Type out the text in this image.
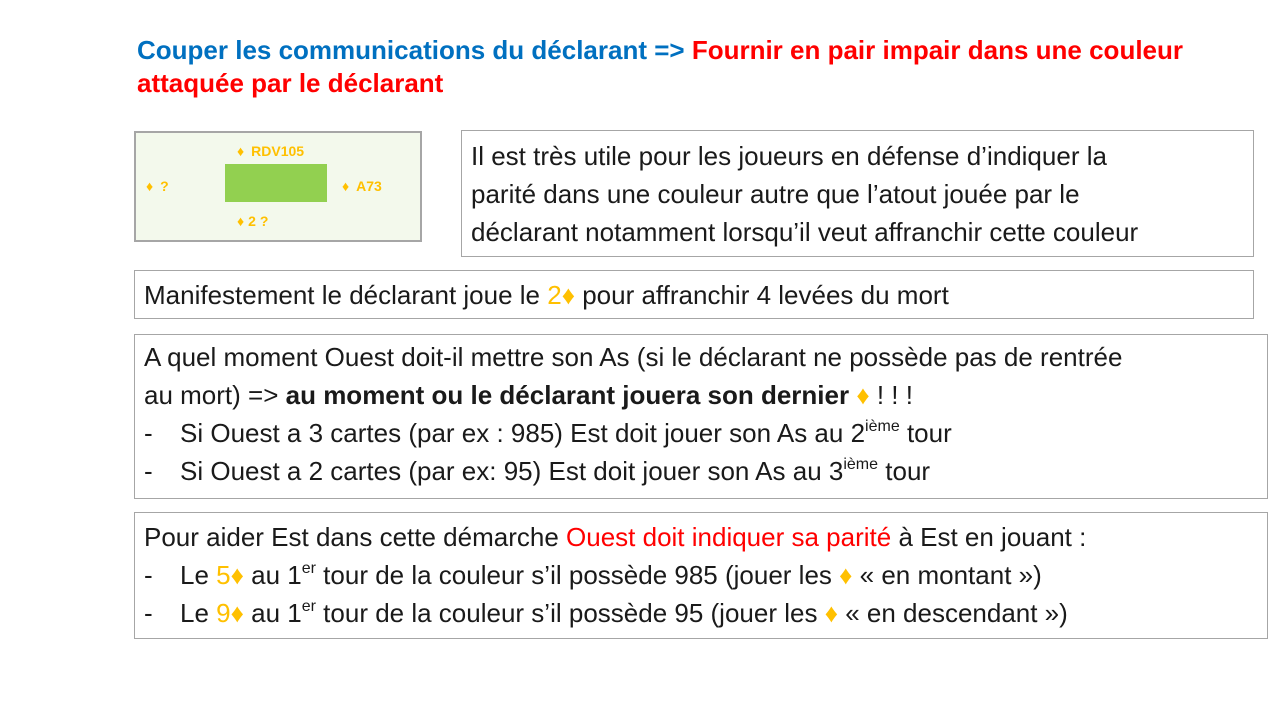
Couper les communications du déclarant => Fournir en pair impair dans une couleur attaquée par le déclarant
♦ RDV105
♦ ?	♦ A73
♦ 2 ?
Il est très utile pour les joueurs en défense d’indiquer la
parité dans une couleur autre que l’atout jouée par le
déclarant notamment lorsqu’il veut affranchir cette couleur
Manifestement le déclarant joue le 2♦ pour affranchir 4 levées du mort
A quel moment Ouest doit-il mettre son As (si le déclarant ne possède pas de rentrée
au mort) => au moment ou le déclarant jouera son dernier ♦ ! ! !
- Si Ouest a 3 cartes (par ex : 985) Est doit jouer son As au 2ième tour
- Si Ouest a 2 cartes (par ex: 95) Est doit jouer son As au 3ième tour
Pour aider Est dans cette démarche Ouest doit indiquer sa parité à Est en jouant :
- Le 5♦ au 1er tour de la couleur s’il possède 985 (jouer les ♦ « en montant »)
- Le 9♦ au 1er tour de la couleur s’il possède 95 (jouer les ♦ « en descendant »)
